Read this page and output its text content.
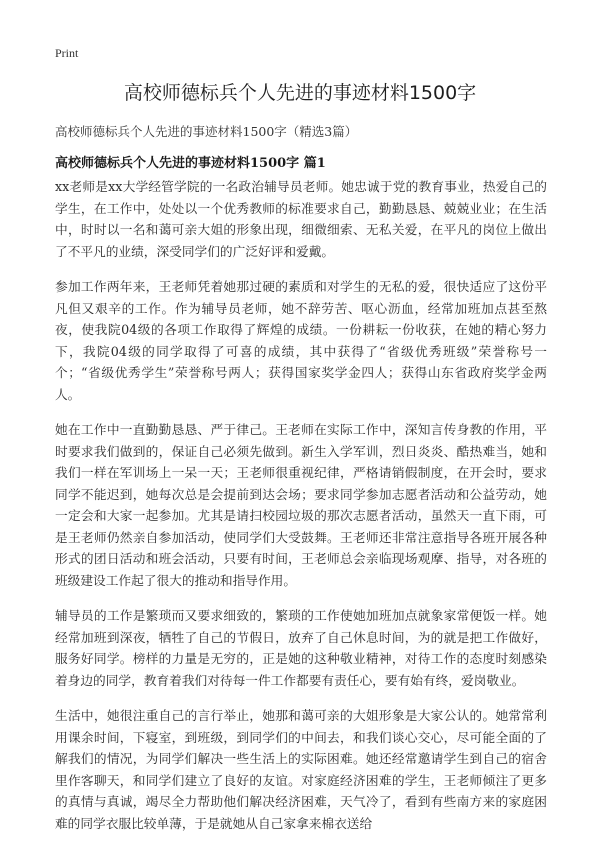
Print
高校师德标兵个人先进的事迹材料1500字

高校师德标兵个人先进的事迹材料1500字（精选3篇）

高校师德标兵个人先进的事迹材料1500字 篇1

xx老师是xx大学经管学院的一名政治辅导员老师。她忠诚于党的教育事业，热爱自己的学生，在工作中，处处以一个优秀教师的标准要求自己，勤勤恳恳、兢兢业业；在生活中，时时以一名和蔼可亲大姐的形象出现，细微细索、无私关爱，在平凡的岗位上做出了不平凡的业绩，深受同学们的广泛好评和爱戴。

参加工作两年来，王老师凭着她那过硬的素质和对学生的无私的爱，很快适应了这份平凡但又艰辛的工作。作为辅导员老师，她不辞劳苦、呕心沥血，经常加班加点甚至熬夜，使我院04级的各项工作取得了辉煌的成绩。一份耕耘一份收获，在她的精心努力下，我院04级的同学取得了可喜的成绩，其中获得了“省级优秀班级”荣誉称号一个；“省级优秀学生”荣誉称号两人；获得国家奖学金四人；获得山东省政府奖学金两人。

她在工作中一直勤勤恳恳、严于律己。王老师在实际工作中，深知言传身教的作用，平时要求我们做到的，保证自己必须先做到。新生入学军训，烈日炎炎、酷热难当，她和我们一样在军训场上一呆一天；王老师很重视纪律，严格请销假制度，在开会时，要求同学不能迟到，她每次总是会提前到达会场；要求同学参加志愿者活动和公益劳动，她一定会和大家一起参加。尤其是请扫校园垃圾的那次志愿者活动，虽然天一直下雨，可是王老师仍然亲自参加活动，使同学们大受鼓舞。王老师还非常注意指导各班开展各种形式的团日活动和班会活动，只要有时间，王老师总会亲临现场观摩、指导，对各班的班级建设工作起了很大的推动和指导作用。

辅导员的工作是繁琐而又要求细致的，繁琐的工作使她加班加点就象家常便饭一样。她经常加班到深夜，牺牲了自己的节假日，放弃了自己休息时间，为的就是把工作做好，服务好同学。榜样的力量是无穷的，正是她的这种敬业精神，对待工作的态度时刻感染着身边的同学，教育着我们对待每一件工作都要有责任心，要有始有终，爱岗敬业。

生活中，她很注重自己的言行举止，她那和蔼可亲的大姐形象是大家公认的。她常常利用课余时间，下寝室，到班级，到同学们的中间去，和我们谈心交心，尽可能全面的了解我们的情况，为同学们解决一些生活上的实际困难。她还经常邀请学生到自己的宿舍里作客聊天，和同学们建立了良好的友谊。对家庭经济困难的学生，王老师倾注了更多的真情与真诚，竭尽全力帮助他们解决经济困难，天气冷了，看到有些南方来的家庭困难的同学衣服比较单薄，于是就她从自己家拿来棉衣送给
